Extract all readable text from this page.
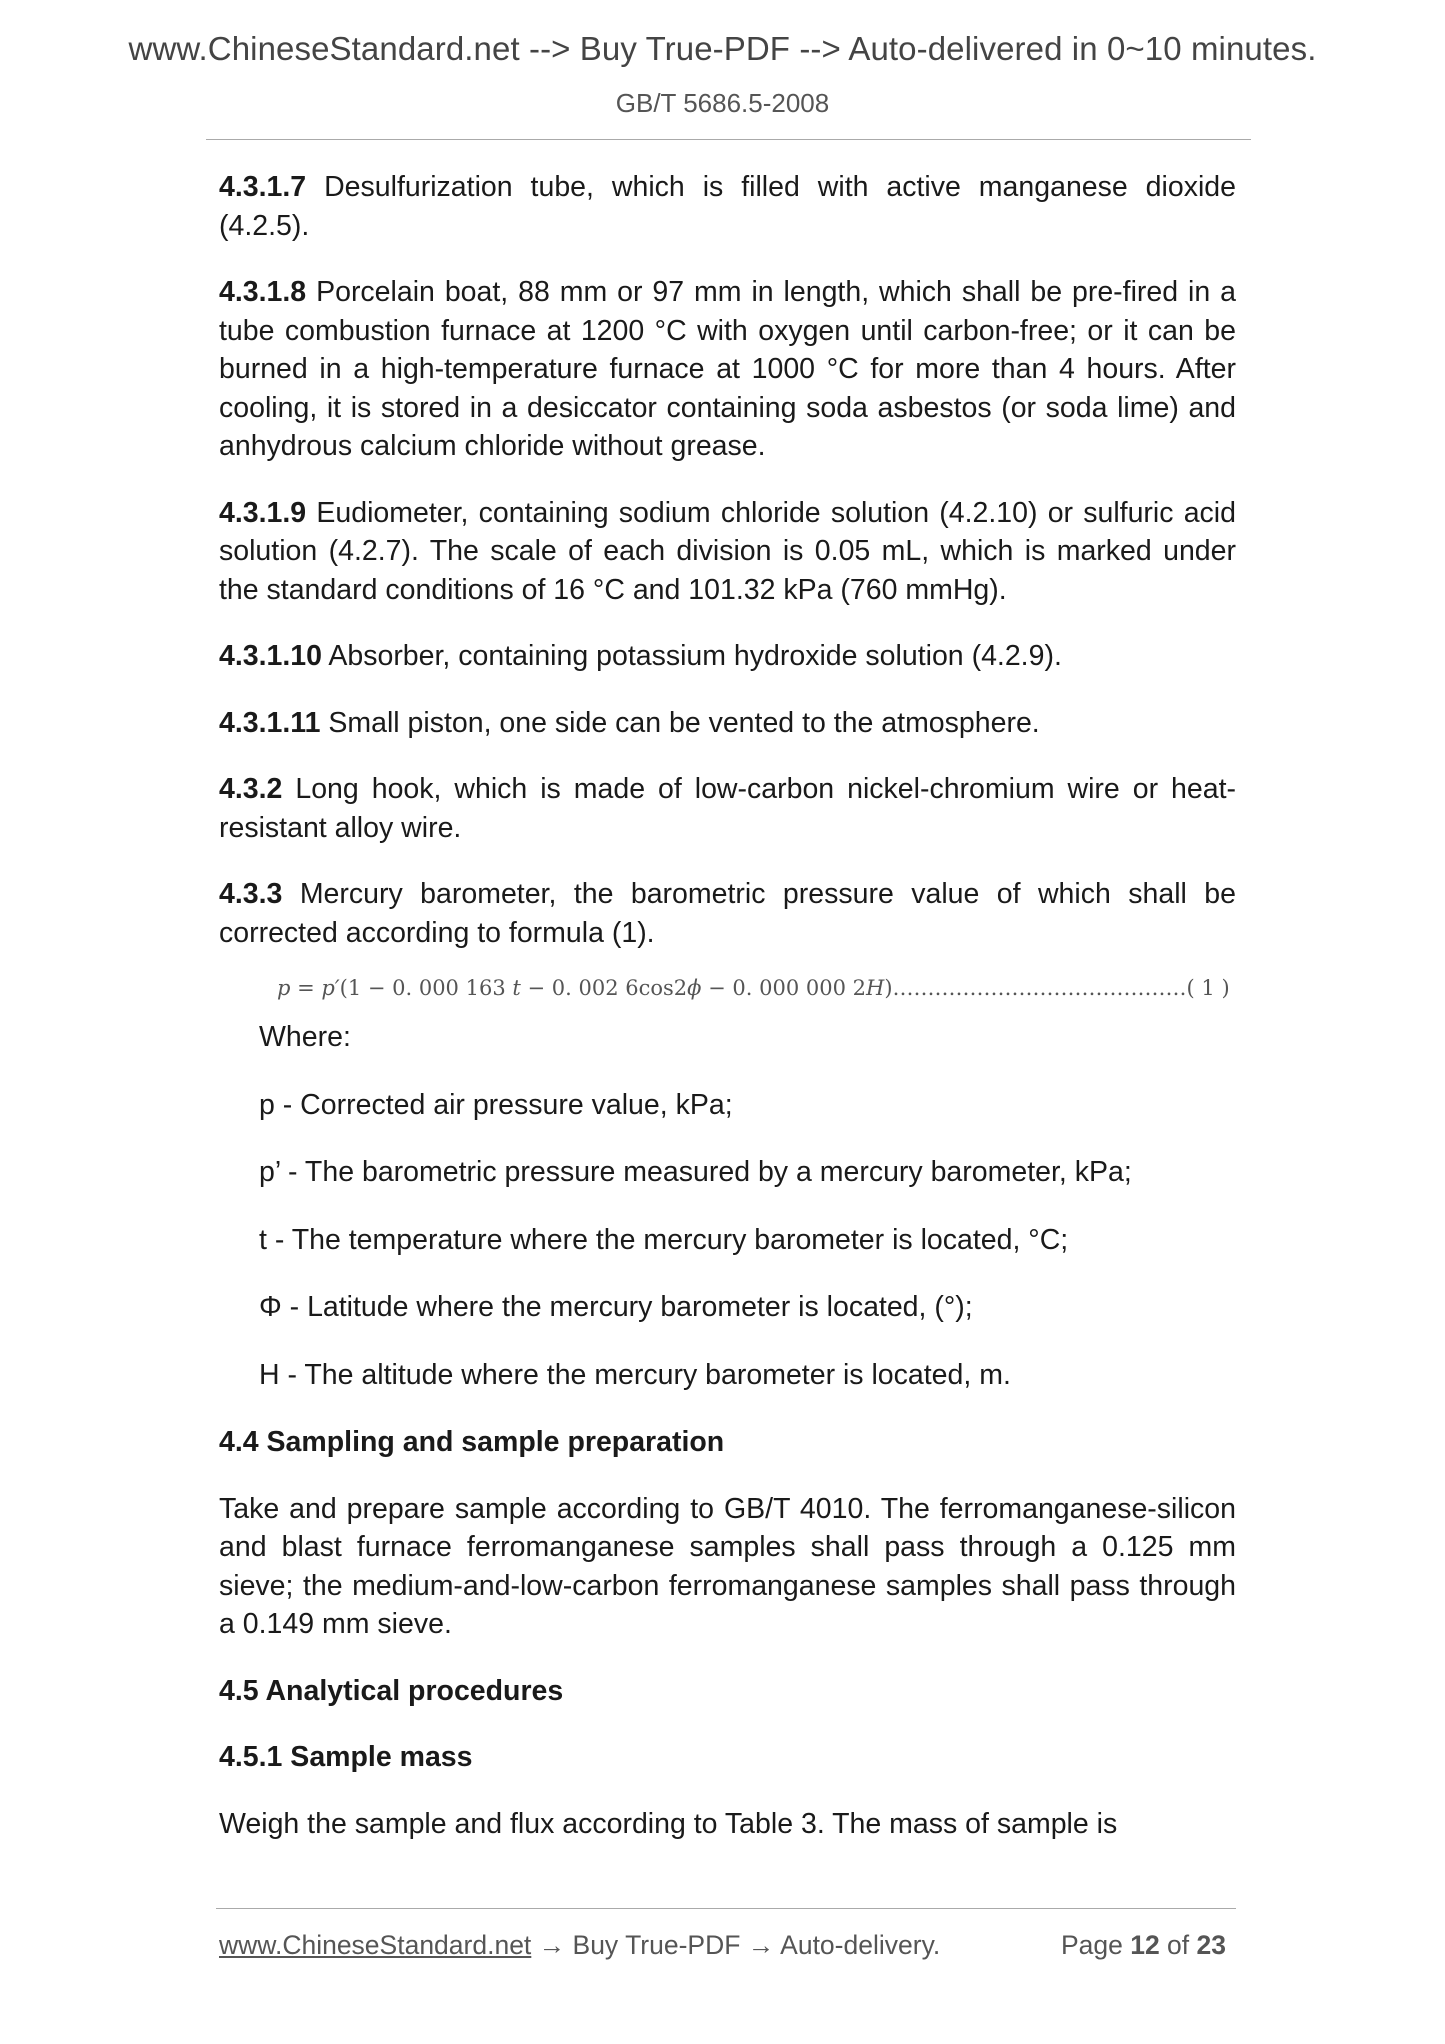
www.ChineseStandard.net --> Buy True-PDF --> Auto-delivered in 0~10 minutes.
GB/T 5686.5-2008

4.3.1.7 Desulfurization tube, which is filled with active manganese dioxide (4.2.5).

4.3.1.8 Porcelain boat, 88 mm or 97 mm in length, which shall be pre-fired in a tube combustion furnace at 1200 °C with oxygen until carbon-free; or it can be burned in a high-temperature furnace at 1000 °C for more than 4 hours. After cooling, it is stored in a desiccator containing soda asbestos (or soda lime) and anhydrous calcium chloride without grease.

4.3.1.9 Eudiometer, containing sodium chloride solution (4.2.10) or sulfuric acid solution (4.2.7). The scale of each division is 0.05 mL, which is marked under the standard conditions of 16 °C and 101.32 kPa (760 mmHg).

4.3.1.10 Absorber, containing potassium hydroxide solution (4.2.9).

4.3.1.11 Small piston, one side can be vented to the atmosphere.

4.3.2 Long hook, which is made of low-carbon nickel-chromium wire or heat-resistant alloy wire.

4.3.3 Mercury barometer, the barometric pressure value of which shall be corrected according to formula (1).

p = p′(1 − 0. 000 163 t − 0. 002 6cos2ϕ − 0. 000 000 2H)……………………………………( 1 )

Where:

p - Corrected air pressure value, kPa;

p’ - The barometric pressure measured by a mercury barometer, kPa;

t - The temperature where the mercury barometer is located, °C;

Φ - Latitude where the mercury barometer is located, (°);

H - The altitude where the mercury barometer is located, m.

4.4 Sampling and sample preparation

Take and prepare sample according to GB/T 4010. The ferromanganese-silicon and blast furnace ferromanganese samples shall pass through a 0.125 mm sieve; the medium-and-low-carbon ferromanganese samples shall pass through a 0.149 mm sieve.

4.5 Analytical procedures
4.5.1 Sample mass

Weigh the sample and flux according to Table 3. The mass of sample is

www.ChineseStandard.net → Buy True-PDF → Auto-delivery.	Page 12 of 23
